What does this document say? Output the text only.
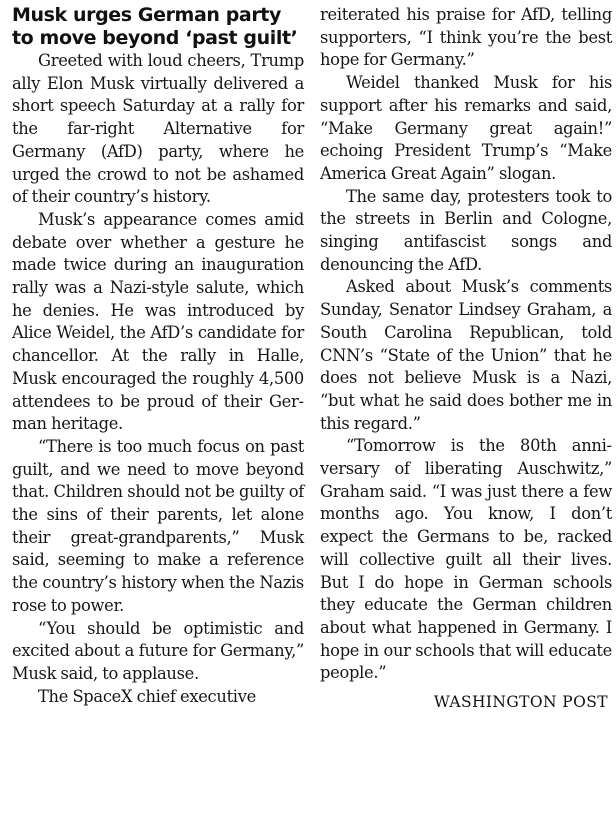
Musk urges German party to move beyond ‘past guilt’

Greeted with loud cheers, Trump ally Elon Musk virtually delivered a short speech Saturday at a rally for the far-right Alternative for Germany (AfD) party, where he urged the crowd to not be ashamed of their country’s history.

Musk’s appearance comes amid debate over whether a gesture he made twice during an inauguration rally was a Nazi-style salute, which he denies. He was introduced by Alice Weidel, the AfD’s candidate for chancellor. At the rally in Halle, Musk encouraged the roughly 4,500 attendees to be proud of their German heritage.

“There is too much focus on past guilt, and we need to move beyond that. Children should not be guilty of the sins of their parents, let alone their great-grandparents,” Musk said, seeming to make a reference the country’s history when the Nazis rose to power.

“You should be optimistic and excited about a future for Germany,” Musk said, to applause.

The SpaceX chief executive

reiterated his praise for AfD, telling supporters, “I think you’re the best hope for Germany.”

Weidel thanked Musk for his support after his remarks and said, “Make Germany great again!” echoing President Trump’s “Make America Great Again” slogan.

The same day, protesters took to the streets in Berlin and Cologne, singing antifascist songs and denouncing the AfD.

Asked about Musk’s comments Sunday, Senator Lindsey Graham, a South Carolina Republican, told CNN’s “State of the Union” that he does not believe Musk is a Nazi, “but what he said does bother me in this regard.”

“Tomorrow is the 80th anniversary of liberating Auschwitz,” Graham said. “I was just there a few months ago. You know, I don’t expect the Germans to be, racked will collective guilt all their lives. But I do hope in German schools they educate the German children about what happened in Germany. I hope in our schools that will educate people.”

WASHINGTON POST
